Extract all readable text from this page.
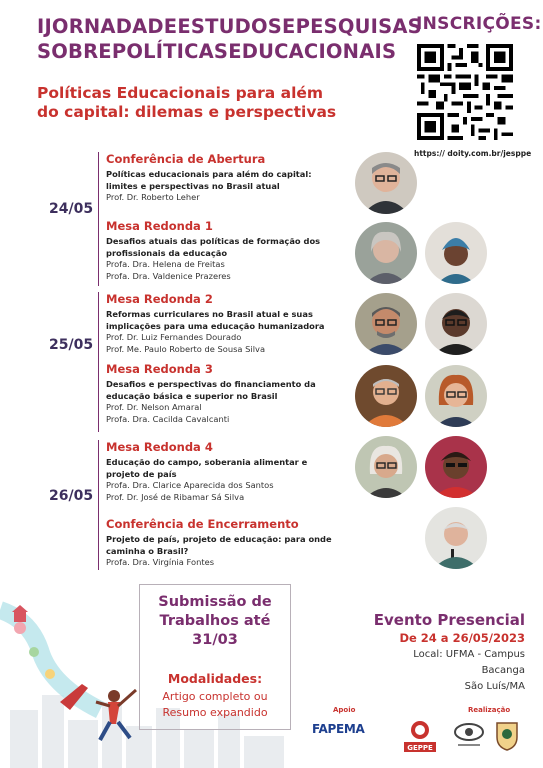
I JORNADA DE ESTUDOS E PESQUISAS
SOBRE POLÍTICAS EDUCACIONAIS
Políticas Educacionais para além
do capital: dilemas e perspectivas
INSCRIÇÕES:
https:// doity.com.br/jesppe
24/05
25/05
26/05
Conferência de Abertura
Políticas educacionais para além do capital:
limites e perspectivas no Brasil atual
Prof. Dr. Roberto Leher
Mesa Redonda 1
Desafios atuais das políticas de formação dos
profissionais da educação
Profa. Dra. Helena de Freitas
Profa. Dra. Valdenice Prazeres
Mesa Redonda 2
Reformas curriculares no Brasil atual e suas
implicações para uma educação humanizadora
Prof. Dr. Luiz Fernandes Dourado
Prof. Me. Paulo Roberto de Sousa Silva
Mesa Redonda 3
Desafios e perspectivas do financiamento da
educação básica e superior no Brasil
Prof. Dr. Nelson Amaral
Profa. Dra. Cacilda Cavalcanti
Mesa Redonda 4
Educação do campo, soberania alimentar e
projeto de país
Profa. Dra. Clarice Aparecida dos Santos
Prof. Dr. José de Ribamar Sá Silva
Conferência de Encerramento
Projeto de país, projeto de educação: para onde
caminha o Brasil?
Profa. Dra. Virgínia Fontes
Submissão de
Trabalhos até
31/03
Modalidades:
Artigo completo ou
Resumo expandido
Evento Presencial
De 24 a 26/05/2023
Local: UFMA - Campus Bacanga
São Luís/MA
Apoio	Realização
FAPEMA
GEPPE
